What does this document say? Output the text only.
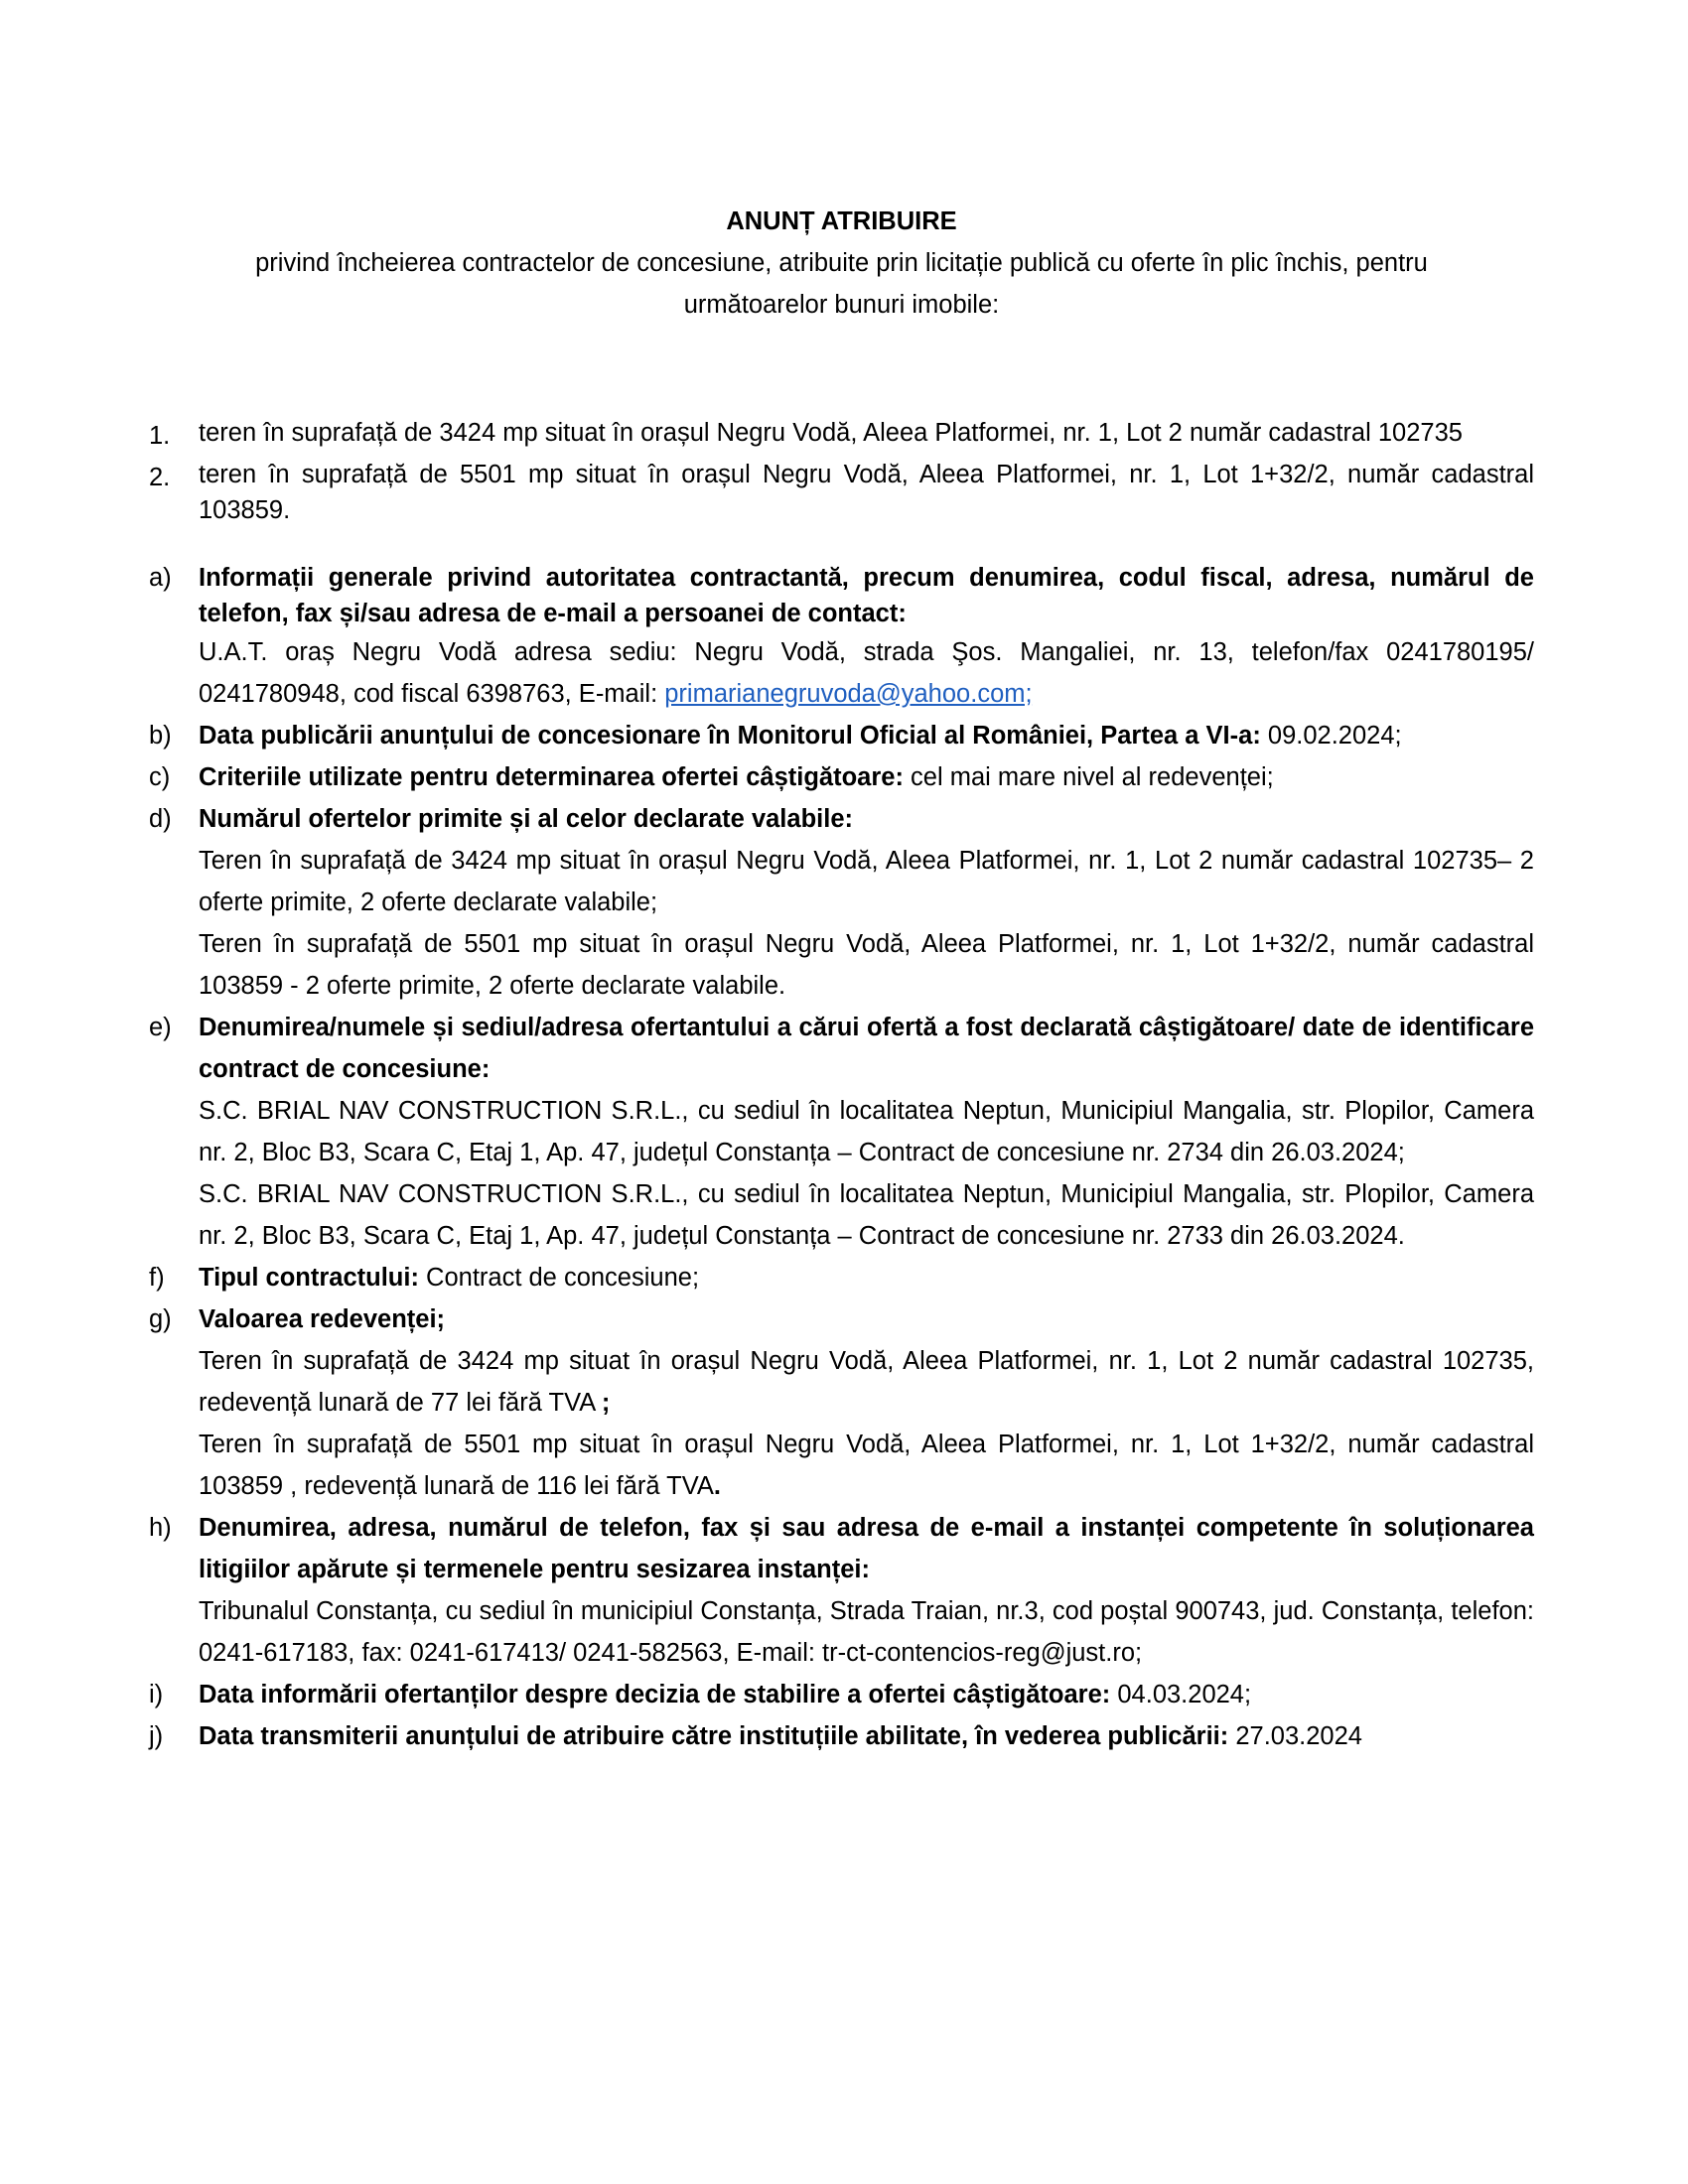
ANUNȚ ATRIBUIRE

privind încheierea contractelor de concesiune, atribuite prin licitație publică cu oferte în plic închis, pentru următoarelor bunuri imobile:

1.	teren în suprafață de 3424 mp situat în orașul Negru Vodă, Aleea Platformei, nr. 1, Lot 2 număr cadastral 102735
2.	teren în suprafață de 5501 mp situat în orașul Negru Vodă, Aleea Platformei, nr. 1, Lot 1+32/2, număr cadastral 103859.
a)	Informații generale privind autoritatea contractantă, precum denumirea, codul fiscal, adresa, numărul de telefon, fax și/sau adresa de e-mail a persoanei de contact:
U.A.T. oraș Negru Vodă adresa sediu: Negru Vodă, strada Şos. Mangaliei, nr. 13, telefon/fax 0241780195/ 0241780948, cod fiscal 6398763, E-mail: primarianegruvoda@yahoo.com;
b)	Data publicării anunțului de concesionare în Monitorul Oficial al României, Partea a VI-a: 09.02.2024;
c)	Criteriile utilizate pentru determinarea ofertei câștigătoare: cel mai mare nivel al redevenței;
d)	Numărul ofertelor primite și al celor declarate valabile:
Teren în suprafață de 3424 mp situat în orașul Negru Vodă, Aleea Platformei, nr. 1, Lot 2 număr cadastral 102735– 2 oferte primite, 2 oferte declarate valabile;
Teren în suprafață de 5501 mp situat în orașul Negru Vodă, Aleea Platformei, nr. 1, Lot 1+32/2, număr cadastral 103859 - 2 oferte primite, 2 oferte declarate valabile.
e)	Denumirea/numele și sediul/adresa ofertantului a cărui ofertă a fost declarată câștigătoare/ date de identificare contract de concesiune:
S.C. BRIAL NAV CONSTRUCTION S.R.L., cu sediul în localitatea Neptun, Municipiul Mangalia, str. Plopilor, Camera nr. 2, Bloc B3, Scara C, Etaj 1, Ap. 47, județul Constanța – Contract de concesiune nr. 2734 din 26.03.2024;
S.C. BRIAL NAV CONSTRUCTION S.R.L., cu sediul în localitatea Neptun, Municipiul Mangalia, str. Plopilor, Camera nr. 2, Bloc B3, Scara C, Etaj 1, Ap. 47, județul Constanța – Contract de concesiune nr. 2733 din 26.03.2024.
f)	Tipul contractului: Contract de concesiune;
g)	Valoarea redevenței;
Teren în suprafață de 3424 mp situat în orașul Negru Vodă, Aleea Platformei, nr. 1, Lot 2 număr cadastral 102735, redevență lunară de 77 lei fără TVA ;
Teren în suprafață de 5501 mp situat în orașul Negru Vodă, Aleea Platformei, nr. 1, Lot 1+32/2, număr cadastral 103859 , redevență lunară de 116 lei fără TVA.
h)	Denumirea, adresa, numărul de telefon, fax și sau adresa de e-mail a instanței competente în soluționarea litigiilor apărute și termenele pentru sesizarea instanței:
Tribunalul Constanța, cu sediul în municipiul Constanța, Strada Traian, nr.3, cod poștal 900743, jud. Constanța, telefon: 0241-617183, fax: 0241-617413/ 0241-582563, E-mail: tr-ct-contencios-reg@just.ro;
i)	Data informării ofertanților despre decizia de stabilire a ofertei câștigătoare: 04.03.2024;
j)	Data transmiterii anunțului de atribuire către instituțiile abilitate, în vederea publicării: 27.03.2024
